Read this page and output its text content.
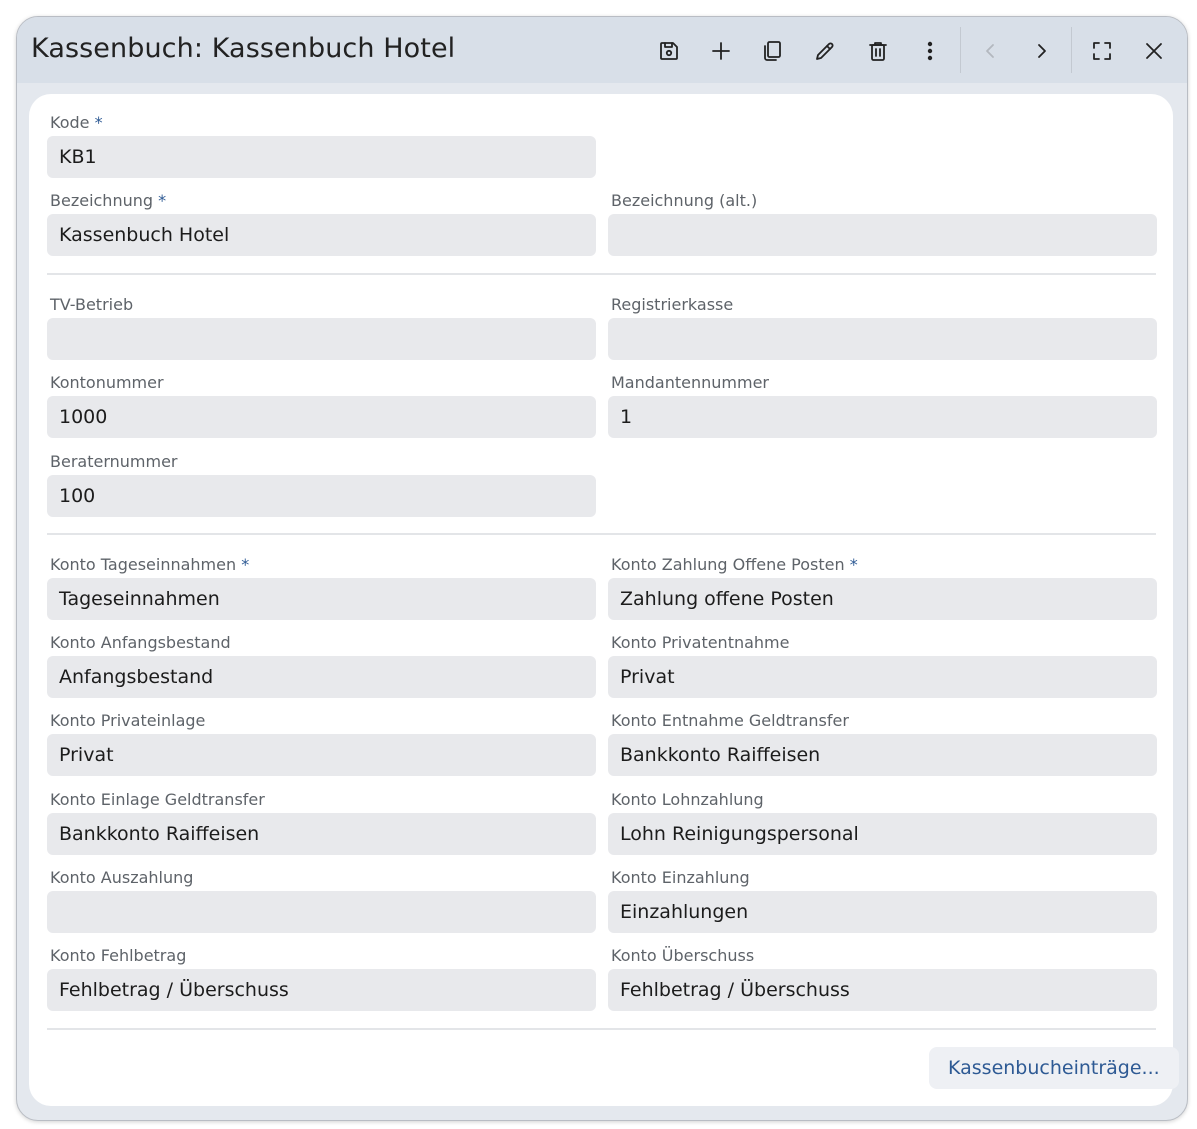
Kassenbuch: Kassenbuch Hotel
Kode *
KB1
Bezeichnung *
Kassenbuch Hotel
Bezeichnung (alt.)
TV-Betrieb	Registrierkasse
Kontonummer
1000
Mandantennummer
1
Beraternummer
100
Konto Tageseinnahmen *
Tageseinnahmen
Konto Zahlung Offene Posten *
Zahlung offene Posten
Konto Anfangsbestand
Anfangsbestand
Konto Privatentnahme
Privat
Konto Privateinlage
Privat
Konto Entnahme Geldtransfer
Bankkonto Raiffeisen
Konto Einlage Geldtransfer
Bankkonto Raiffeisen
Konto Lohnzahlung
Lohn Reinigungspersonal
Konto Auszahlung	Konto Einzahlung
Einzahlungen
Konto Fehlbetrag
Fehlbetrag / Überschuss
Konto Überschuss
Fehlbetrag / Überschuss
Kassenbucheinträge...
